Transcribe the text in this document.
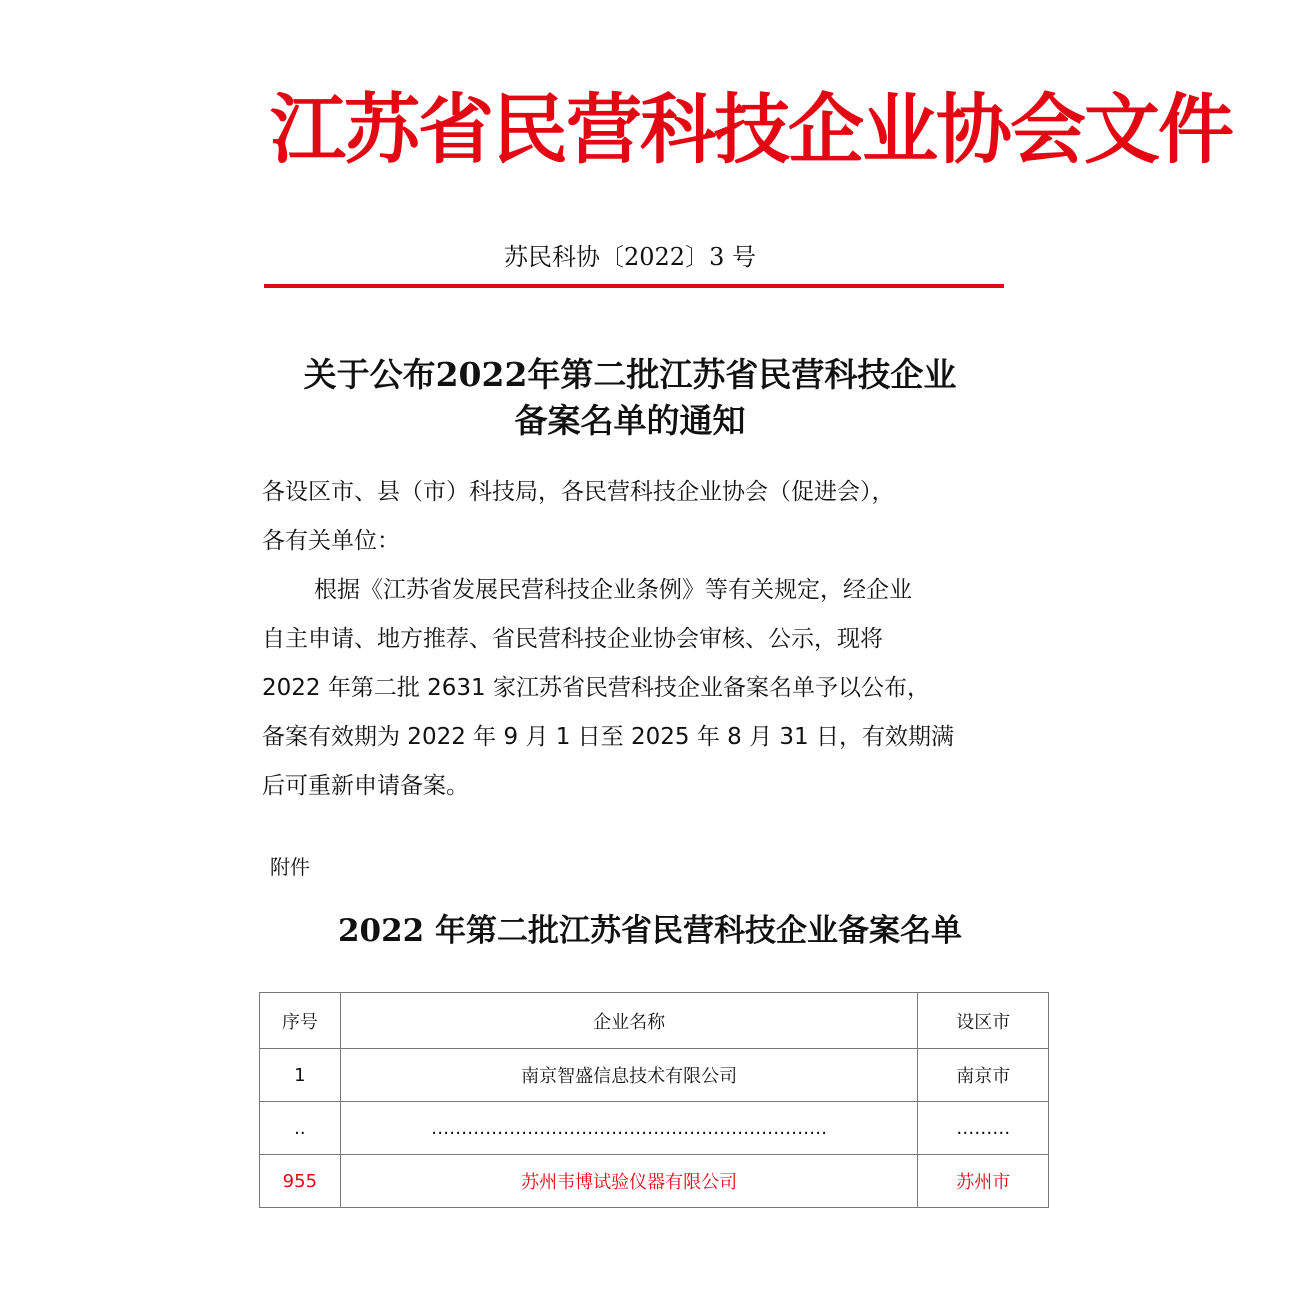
江苏省民营科技企业协会文件
苏民科协〔2022〕3 号
关于公布2022年第二批江苏省民营科技企业
备案名单的通知
各设区市、县（市）科技局，各民营科技企业协会（促进会），
各有关单位：
根据《江苏省发展民营科技企业条例》等有关规定，经企业
自主申请、地方推荐、省民营科技企业协会审核、公示，现将
2022 年第二批 2631 家江苏省民营科技企业备案名单予以公布，
备案有效期为 2022 年 9 月 1 日至 2025 年 8 月 31 日，有效期满
后可重新申请备案。
附件
2022 年第二批江苏省民营科技企业备案名单
序号	企业名称	设区市
1	南京智盛信息技术有限公司	南京市
..	…………………………………………………………	………
955	苏州韦博试验仪器有限公司	苏州市
